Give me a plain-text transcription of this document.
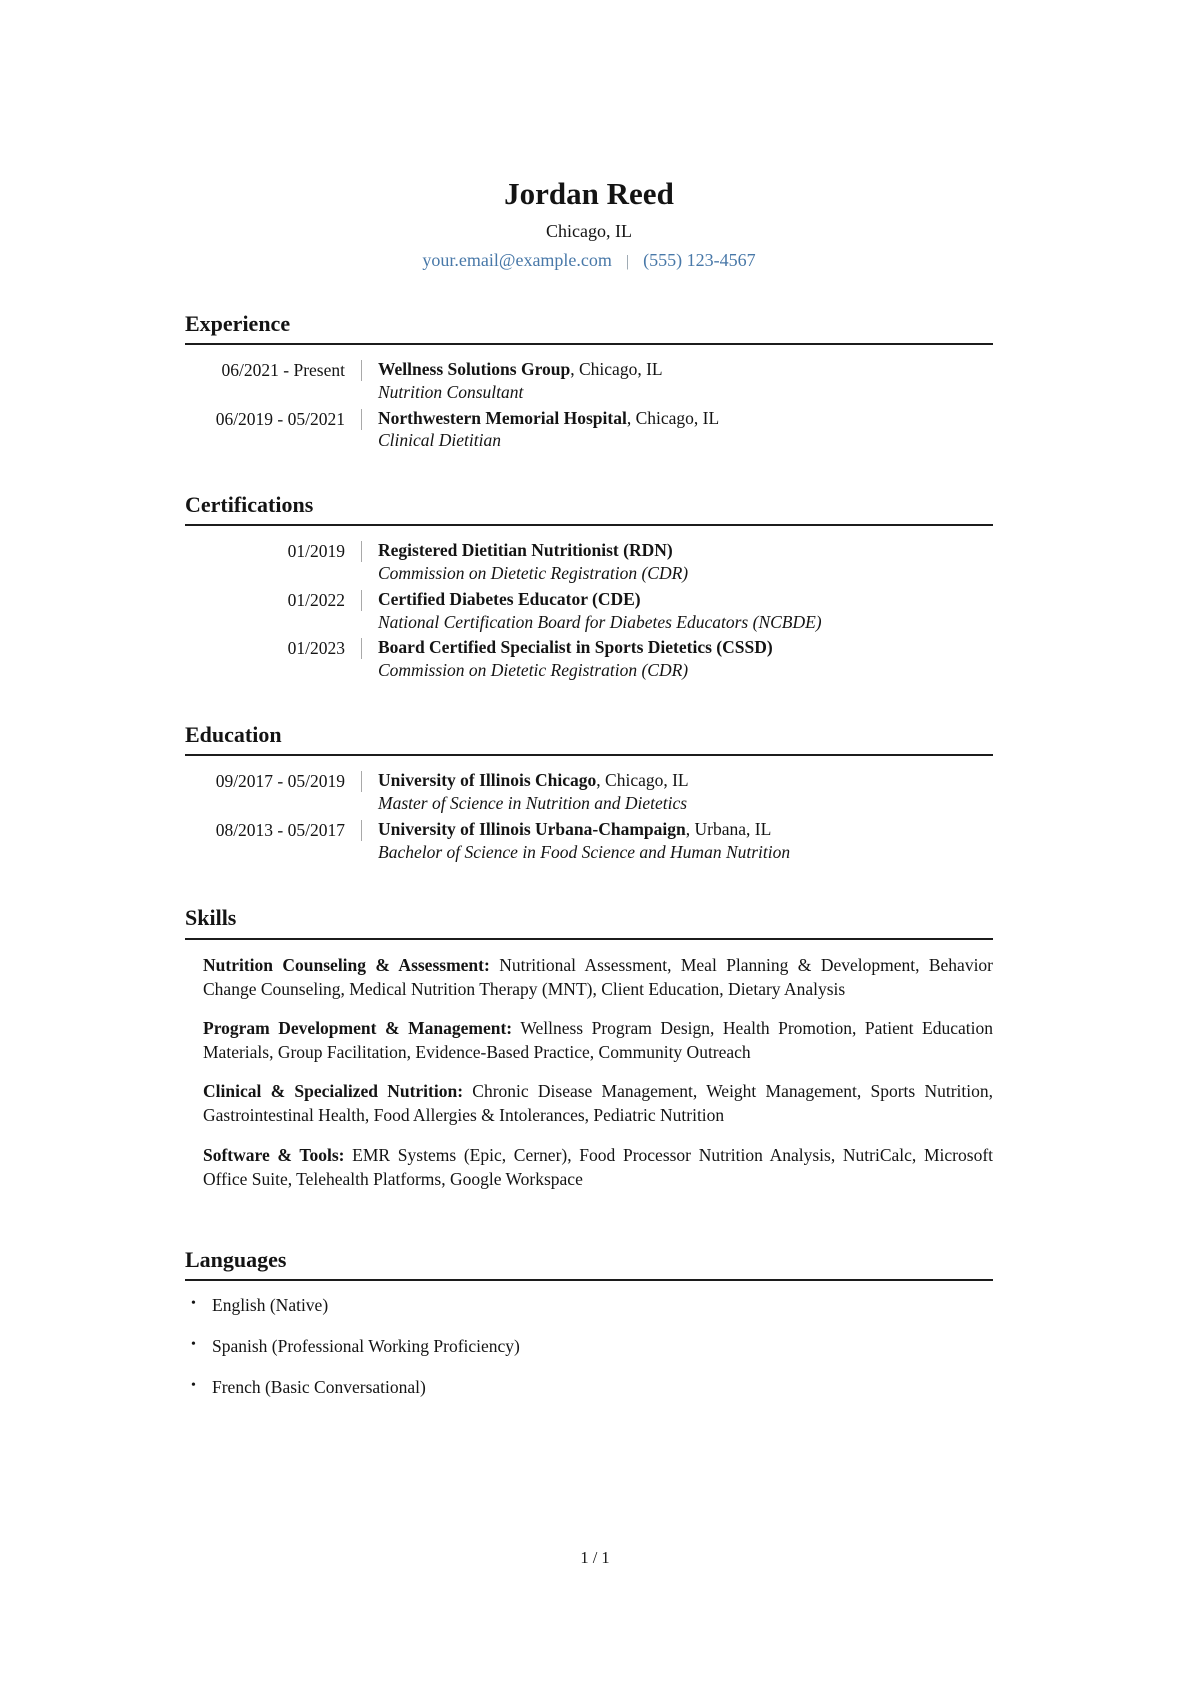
Jordan Reed
Chicago, IL
your.email@example.com | (555) 123-4567
Experience
06/2021 - Present Wellness Solutions Group, Chicago, IL
Nutrition Consultant
06/2019 - 05/2021 Northwestern Memorial Hospital, Chicago, IL
Clinical Dietitian
Certifications
01/2019 Registered Dietitian Nutritionist (RDN)
Commission on Dietetic Registration (CDR)
01/2022 Certified Diabetes Educator (CDE)
National Certification Board for Diabetes Educators (NCBDE)
01/2023 Board Certified Specialist in Sports Dietetics (CSSD)
Commission on Dietetic Registration (CDR)
Education
09/2017 - 05/2019 University of Illinois Chicago, Chicago, IL
Master of Science in Nutrition and Dietetics
08/2013 - 05/2017 University of Illinois Urbana-Champaign, Urbana, IL
Bachelor of Science in Food Science and Human Nutrition
Skills

Nutrition Counseling & Assessment: Nutritional Assessment, Meal Planning & Development, Behavior Change Counseling, Medical Nutrition Therapy (MNT), Client Education, Dietary Analysis

Program Development & Management: Wellness Program Design, Health Promotion, Patient Education Materials, Group Facilitation, Evidence-Based Practice, Community Outreach

Clinical & Specialized Nutrition: Chronic Disease Management, Weight Management, Sports Nutrition, Gastrointestinal Health, Food Allergies & Intolerances, Pediatric Nutrition

Software & Tools: EMR Systems (Epic, Cerner), Food Processor Nutrition Analysis, NutriCalc, Microsoft Office Suite, Telehealth Platforms, Google Workspace

Languages
• English (Native)
• Spanish (Professional Working Proficiency)
• French (Basic Conversational)
1 / 1
